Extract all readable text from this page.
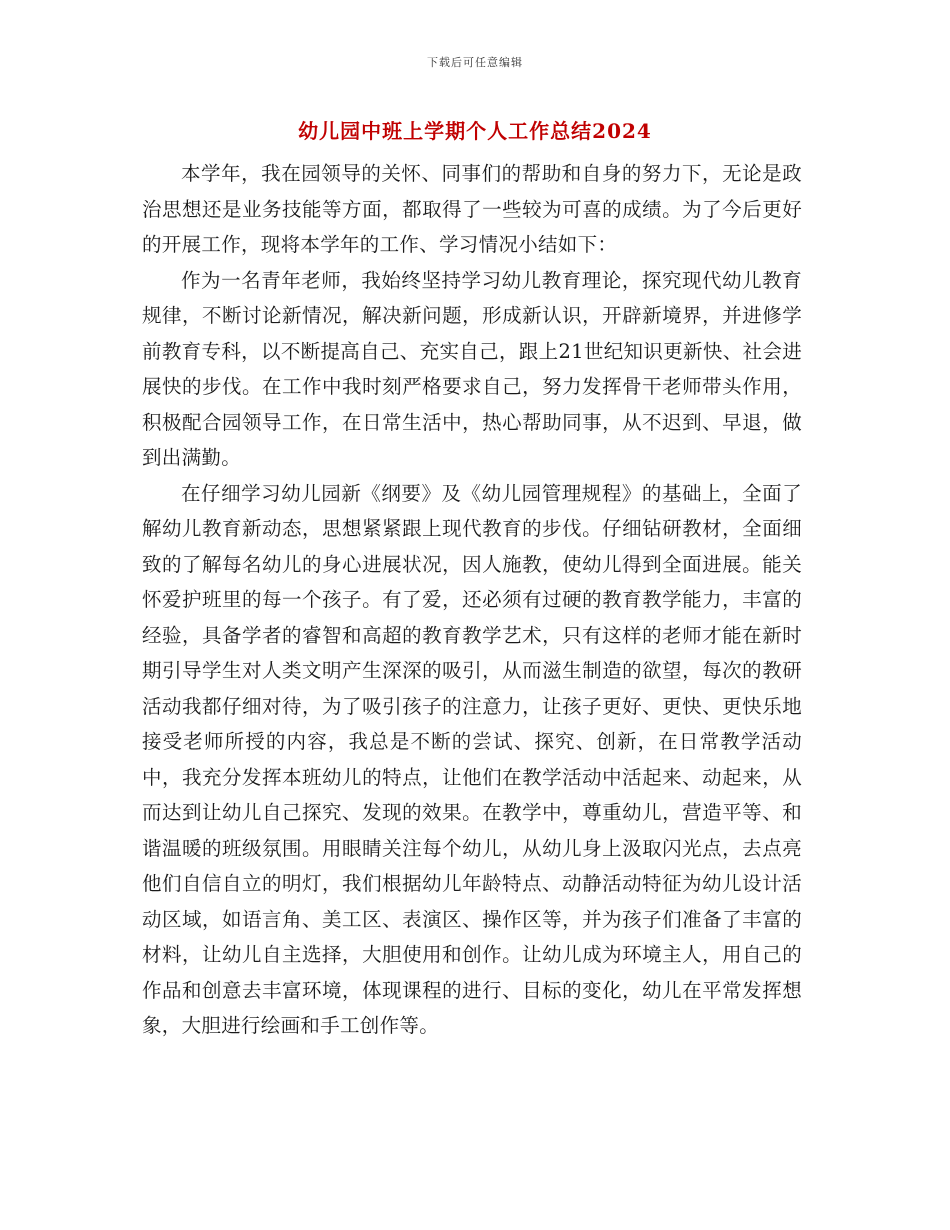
下载后可任意编辑
幼儿园中班上学期个人工作总结2024

本学年，我在园领导的关怀、同事们的帮助和自身的努力下，无论是政治思想还是业务技能等方面，都取得了一些较为可喜的成绩。为了今后更好的开展工作，现将本学年的工作、学习情况小结如下：

作为一名青年老师，我始终坚持学习幼儿教育理论，探究现代幼儿教育规律，不断讨论新情况，解决新问题，形成新认识，开辟新境界，并进修学前教育专科，以不断提高自己、充实自己，跟上21世纪知识更新快、社会进展快的步伐。在工作中我时刻严格要求自己，努力发挥骨干老师带头作用，积极配合园领导工作，在日常生活中，热心帮助同事，从不迟到、早退，做到出满勤。

在仔细学习幼儿园新《纲要》及《幼儿园管理规程》的基础上，全面了解幼儿教育新动态，思想紧紧跟上现代教育的步伐。仔细钻研教材，全面细致的了解每名幼儿的身心进展状况，因人施教，使幼儿得到全面进展。能关怀爱护班里的每一个孩子。有了爱，还必须有过硬的教育教学能力，丰富的经验，具备学者的睿智和高超的教育教学艺术，只有这样的老师才能在新时期引导学生对人类文明产生深深的吸引，从而滋生制造的欲望，每次的教研活动我都仔细对待，为了吸引孩子的注意力，让孩子更好、更快、更快乐地接受老师所授的内容，我总是不断的尝试、探究、创新，在日常教学活动中，我充分发挥本班幼儿的特点，让他们在教学活动中活起来、动起来，从而达到让幼儿自己探究、发现的效果。在教学中，尊重幼儿，营造平等、和谐温暖的班级氛围。用眼睛关注每个幼儿，从幼儿身上汲取闪光点，去点亮他们自信自立的明灯，我们根据幼儿年龄特点、动静活动特征为幼儿设计活动区域，如语言角、美工区、表演区、操作区等，并为孩子们准备了丰富的材料，让幼儿自主选择，大胆使用和创作。让幼儿成为环境主人，用自己的作品和创意去丰富环境，体现课程的进行、目标的变化，幼儿在平常发挥想象，大胆进行绘画和手工创作等。
